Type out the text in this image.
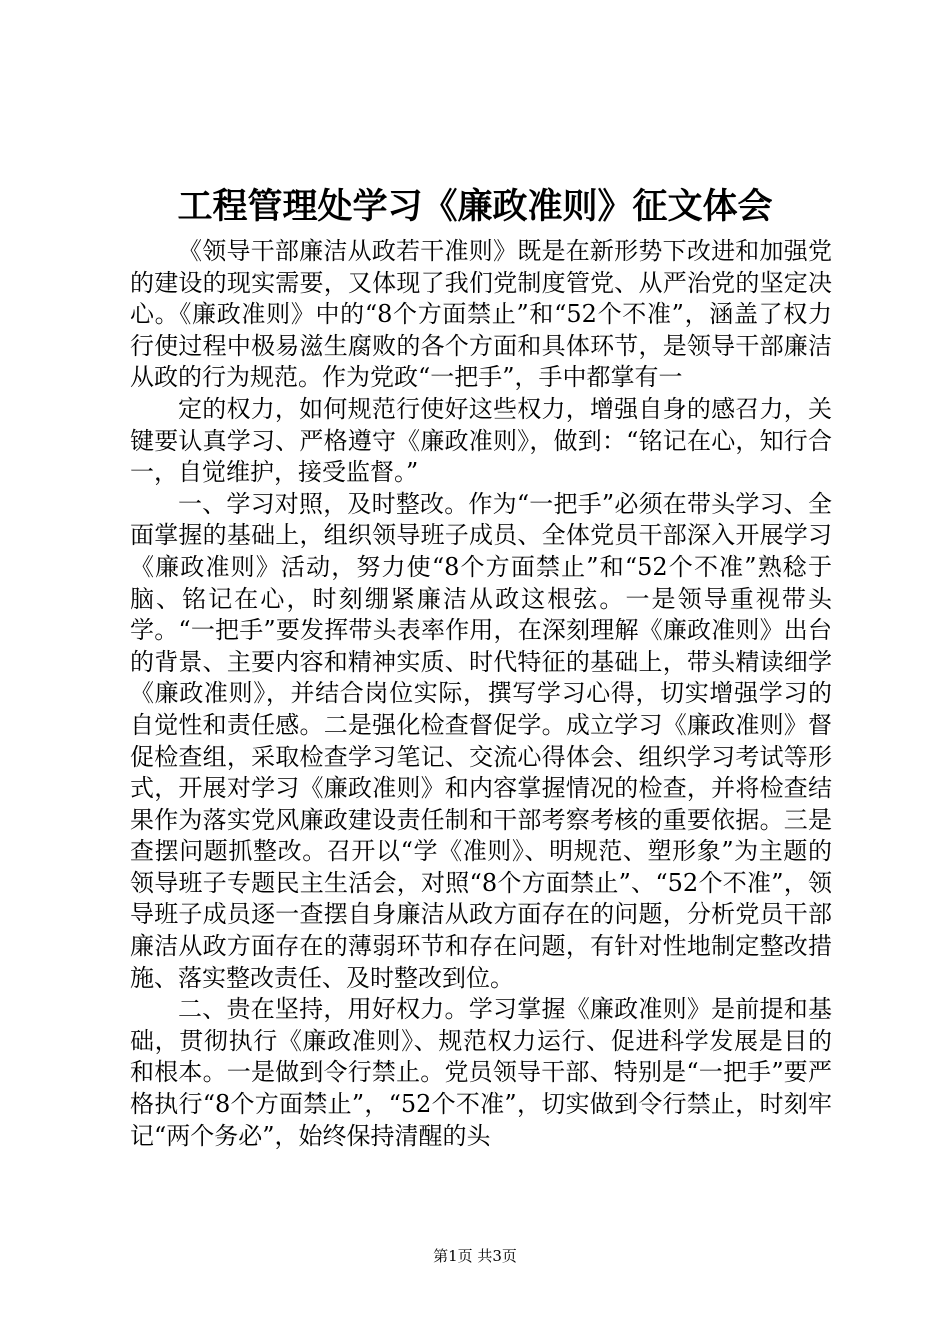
工程管理处学习《廉政准则》征文体会

《领导干部廉洁从政若干准则》既是在新形势下改进和加强党的建设的现实需要，又体现了我们党制度管党、从严治党的坚定决心。《廉政准则》中的“8个方面禁止”和“52个不准”，涵盖了权力行使过程中极易滋生腐败的各个方面和具体环节，是领导干部廉洁从政的行为规范。作为党政“一把手”，手中都掌有一

定的权力，如何规范行使好这些权力，增强自身的感召力，关键要认真学习、严格遵守《廉政准则》，做到：“铭记在心，知行合一，自觉维护，接受监督。”

一、学习对照，及时整改。作为“一把手”必须在带头学习、全面掌握的基础上，组织领导班子成员、全体党员干部深入开展学习《廉政准则》活动，努力使“8个方面禁止”和“52个不准”熟稔于脑、铭记在心，时刻绷紧廉洁从政这根弦。一是领导重视带头学。“一把手”要发挥带头表率作用，在深刻理解《廉政准则》出台的背景、主要内容和精神实质、时代特征的基础上，带头精读细学《廉政准则》，并结合岗位实际，撰写学习心得，切实增强学习的自觉性和责任感。二是强化检查督促学。成立学习《廉政准则》督促检查组，采取检查学习笔记、交流心得体会、组织学习考试等形式，开展对学习《廉政准则》和内容掌握情况的检查，并将检查结果作为落实党风廉政建设责任制和干部考察考核的重要依据。三是查摆问题抓整改。召开以“学《准则》、明规范、塑形象”为主题的领导班子专题民主生活会，对照“8个方面禁止”、“52个不准”，领导班子成员逐一查摆自身廉洁从政方面存在的问题，分析党员干部廉洁从政方面存在的薄弱环节和存在问题，有针对性地制定整改措施、落实整改责任、及时整改到位。

二、贵在坚持，用好权力。学习掌握《廉政准则》是前提和基础，贯彻执行《廉政准则》、规范权力运行、促进科学发展是目的和根本。一是做到令行禁止。党员领导干部、特别是“一把手”要严格执行“8个方面禁止”，“52个不准”，切实做到令行禁止，时刻牢记“两个务必”，始终保持清醒的头

第1页 共3页
